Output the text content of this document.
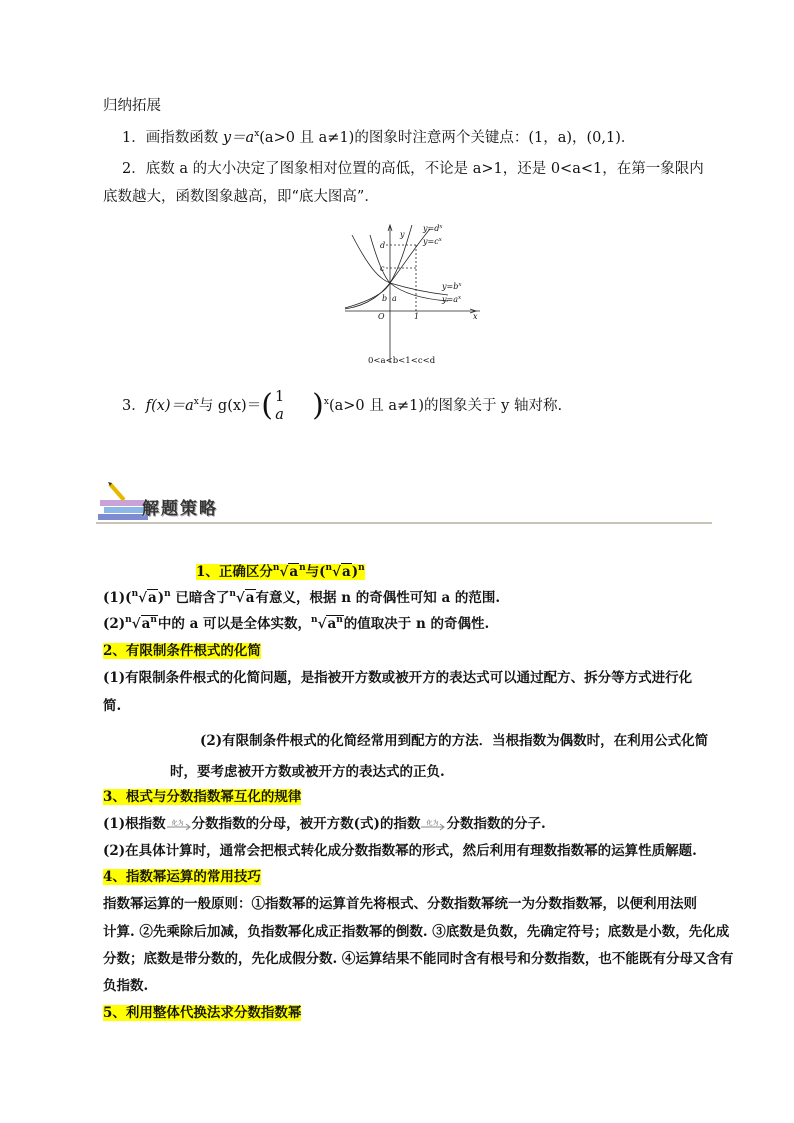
归纳拓展
1．画指数函数 $y=a^x(a>0$ 且 a≠1)的图象时注意两个关键点：(1，a)，(0,1)．
2．底数 a 的大小决定了图象相对位置的高低，不论是 a>1，还是 0<a<1，在第一象限内
底数越大，函数图象越高，即“底大图高”．
y
x
O	1
d
c
b a
$y=d^x$
$y=c^x$
$y=b^x$
$y=a^x$
0<a<b<1<c<d
3．$f(x)=a^x$与 g(x)＝( 1
a )$^x$(a>0 且 a≠1)的图象关于 y 轴对称.
解题策略
1、正确区分$^n√a^n$与$(^n√a)^n$
$(1)(^n√a)^n$ 已暗含了$^n$√a有意义，根据 n 的奇偶性可知 a 的范围.
$(2)^n√a^n$中的 a 可以是全体实数，$^n√a^n$的值取决于 n 的奇偶性.
2、有限制条件根式的化简
(1)有限制条件根式的化简问题，是指被开方数或被开方的表达式可以通过配方、拆分等方式进行化
简.
(2)有限制条件根式的化简经常用到配方的方法．当根指数为偶数时，在利用公式化简
时，要考虑被开方数或被开方的表达式的正负.
3、根式与分数指数幂互化的规律
(1)根指数 化为 分数指数的分母，被开方数(式)的指数 化为 分数指数的分子.
(2)在具体计算时，通常会把根式转化成分数指数幂的形式，然后利用有理数指数幂的运算性质解题.
4、指数幂运算的常用技巧
指数幂运算的一般原则：①指数幂的运算首先将根式、分数指数幂统一为分数指数幂，以便利用法则
计算. ②先乘除后加减，负指数幂化成正指数幂的倒数. ③底数是负数，先确定符号；底数是小数，先化成
分数；底数是带分数的，先化成假分数. ④运算结果不能同时含有根号和分数指数，也不能既有分母又含有
负指数.
5、利用整体代换法求分数指数幂
